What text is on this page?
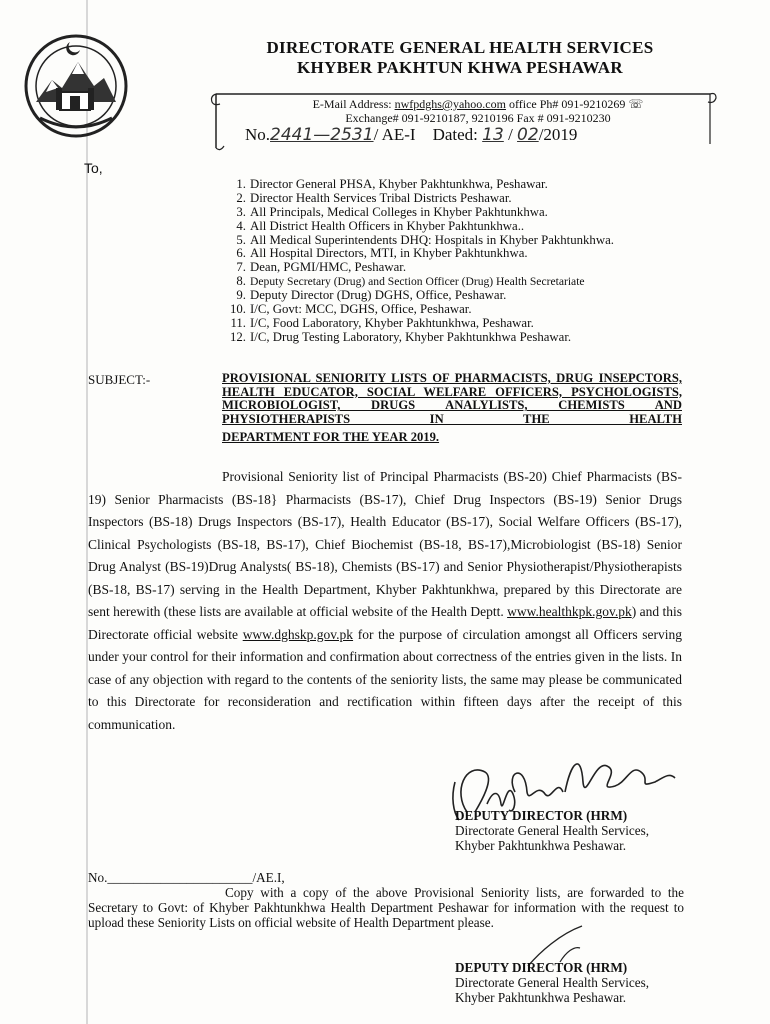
DIRECTORATE GENERAL HEALTH SERVICES
KHYBER PAKHTUN KHWA PESHAWAR
E-Mail Address: nwfpdghs@yahoo.com office Ph# 091-9210269 ☏
Exchange# 091-9210187, 9210196 Fax # 091-9210230
No.2441—2531/ AE-I Dated: 13 / 02/2019
To,
1. Director General PHSA, Khyber Pakhtunkhwa, Peshawar.
2. Director Health Services Tribal Districts Peshawar.
3. All Principals, Medical Colleges in Khyber Pakhtunkhwa.
4. All District Health Officers in Khyber Pakhtunkhwa..
5. All Medical Superintendents DHQ: Hospitals in Khyber Pakhtunkhwa.
6. All Hospital Directors, MTI, in Khyber Pakhtunkhwa.
7. Dean, PGMI/HMC, Peshawar.
8. Deputy Secretary (Drug) and Section Officer (Drug) Health Secretariate
9. Deputy Director (Drug) DGHS, Office, Peshawar.
10. I/C, Govt: MCC, DGHS, Office, Peshawar.
11. I/C, Food Laboratory, Khyber Pakhtunkhwa, Peshawar.
12. I/C, Drug Testing Laboratory, Khyber Pakhtunkhwa Peshawar.
SUBJECT:-	PROVISIONAL SENIORITY LISTS OF PHARMACISTS, DRUG INSEPCTORS, HEALTH EDUCATOR, SOCIAL WELFARE OFFICERS, PSYCHOLOGISTS, MICROBIOLOGIST, DRUGS ANALYLISTS, CHEMISTS AND PHYSIOTHERAPISTS IN THE HEALTH
DEPARTMENT FOR THE YEAR 2019.
Provisional Seniority list of Principal Pharmacists (BS-20) Chief Pharmacists (BS-19) Senior Pharmacists (BS-18} Pharmacists (BS-17), Chief Drug Inspectors (BS-19) Senior Drugs Inspectors (BS-18) Drugs Inspectors (BS-17), Health Educator (BS-17), Social Welfare Officers (BS-17), Clinical Psychologists (BS-18, BS-17), Chief Biochemist (BS-18, BS-17),Microbiologist (BS-18) Senior Drug Analyst (BS-19)Drug Analysts( BS-18), Chemists (BS-17) and Senior Physiotherapist/Physiotherapists (BS-18, BS-17) serving in the Health Department, Khyber Pakhtunkhwa, prepared by this Directorate are sent herewith (these lists are available at official website of the Health Deptt. www.healthkpk.gov.pk) and this Directorate official website www.dghskp.gov.pk for the purpose of circulation amongst all Officers serving under your control for their information and confirmation about correctness of the entries given in the lists. In case of any objection with regard to the contents of the seniority lists, the same may please be communicated to this Directorate for reconsideration and rectification within fifteen days after the receipt of this communication.
DEPUTY DIRECTOR (HRM)
Directorate General Health Services,
Khyber Pakhtunkhwa Peshawar.
No.______________________/AE.I,
Copy with a copy of the above Provisional Seniority lists, are forwarded to the Secretary to Govt: of Khyber Pakhtunkhwa Health Department Peshawar for information with the request to upload these Seniority Lists on official website of Health Department please.
DEPUTY DIRECTOR (HRM)
Directorate General Health Services,
Khyber Pakhtunkhwa Peshawar.
